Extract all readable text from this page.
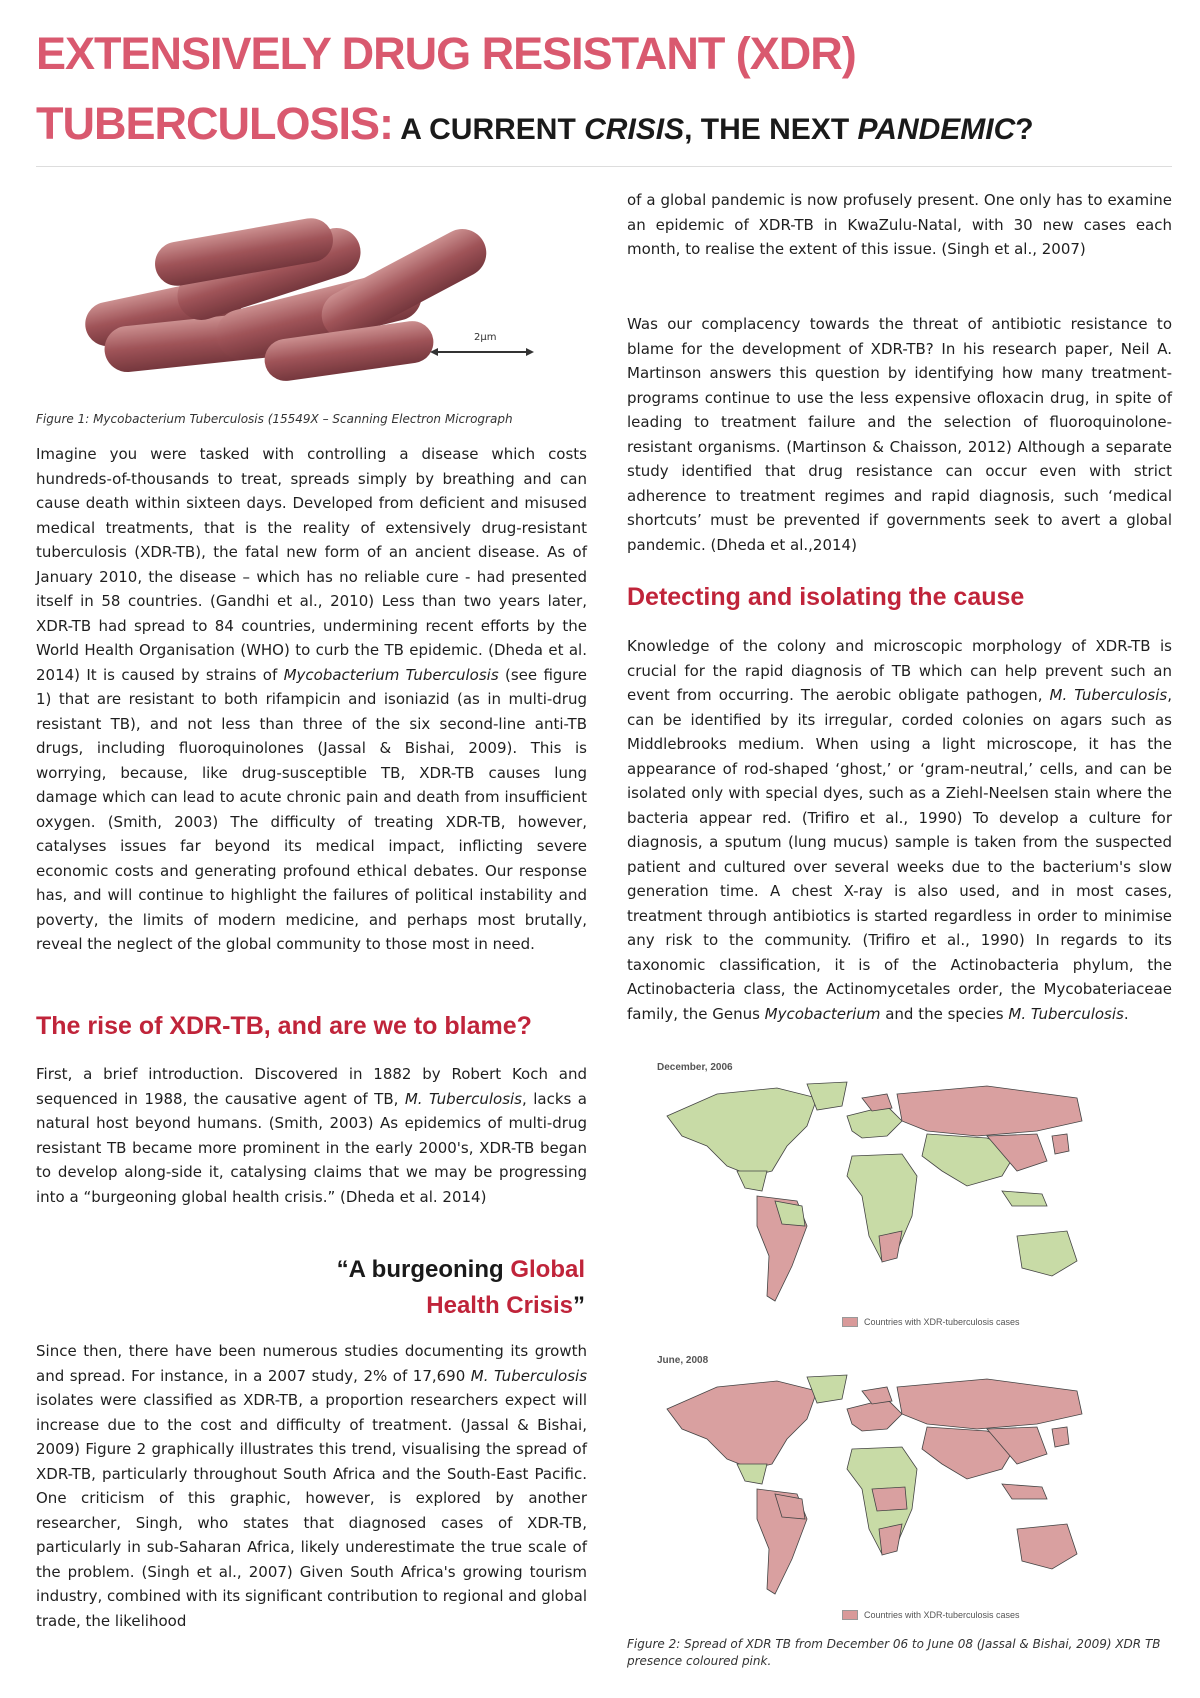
EXTENSIVELY DRUG RESISTANT (XDR)
TUBERCULOSIS: A CURRENT CRISIS, THE NEXT PANDEMIC?
2µm
Figure 1: Mycobacterium Tuberculosis (15549X – Scanning Electron Micrograph

Imagine you were tasked with controlling a disease which costs hundreds-of-thousands to treat, spreads simply by breathing and can cause death within sixteen days. Developed from deficient and misused medical treatments, that is the reality of extensively drug-resistant tuberculosis (XDR-TB), the fatal new form of an ancient disease. As of January 2010, the disease – which has no reliable cure - had presented itself in 58 countries. (Gandhi et al., 2010) Less than two years later, XDR-TB had spread to 84 countries, undermining recent efforts by the World Health Organisation (WHO) to curb the TB epidemic. (Dheda et al. 2014) It is caused by strains of Mycobacterium Tuberculosis (see figure 1) that are resistant to both rifampicin and isoniazid (as in multi-drug resistant TB), and not less than three of the six second-line anti-TB drugs, including fluoroquinolones (Jassal & Bishai, 2009). This is worrying, because, like drug-susceptible TB, XDR-TB causes lung damage which can lead to acute chronic pain and death from insufficient oxygen. (Smith, 2003) The difficulty of treating XDR-TB, however, catalyses issues far beyond its medical impact, inflicting severe economic costs and generating profound ethical debates. Our response has, and will continue to highlight the failures of political instability and poverty, the limits of modern medicine, and perhaps most brutally, reveal the neglect of the global community to those most in need.

The rise of XDR-TB, and are we to blame?

First, a brief introduction. Discovered in 1882 by Robert Koch and sequenced in 1988, the causative agent of TB, M. Tuberculosis, lacks a natural host beyond humans. (Smith, 2003) As epidemics of multi-drug resistant TB became more prominent in the early 2000's, XDR-TB began to develop along-side it, catalysing claims that we may be progressing into a “burgeoning global health crisis.” (Dheda et al. 2014)

“A burgeoning Global
Health Crisis”

Since then, there have been numerous studies documenting its growth and spread. For instance, in a 2007 study, 2% of 17,690 M. Tuberculosis isolates were classified as XDR-TB, a proportion researchers expect will increase due to the cost and difficulty of treatment. (Jassal & Bishai, 2009) Figure 2 graphically illustrates this trend, visualising the spread of XDR-TB, particularly throughout South Africa and the South-East Pacific. One criticism of this graphic, however, is explored by another researcher, Singh, who states that diagnosed cases of XDR-TB, particularly in sub-Saharan Africa, likely underestimate the true scale of the problem. (Singh et al., 2007) Given South Africa's growing tourism industry, combined with its significant contribution to regional and global trade, the likelihood

of a global pandemic is now profusely present. One only has to examine an epidemic of XDR-TB in KwaZulu-Natal, with 30 new cases each month, to realise the extent of this issue. (Singh et al., 2007)

Was our complacency towards the threat of antibiotic resistance to blame for the development of XDR-TB? In his research paper, Neil A. Martinson answers this question by identifying how many treatment-programs continue to use the less expensive ofloxacin drug, in spite of leading to treatment failure and the selection of fluoroquinolone-resistant organisms. (Martinson & Chaisson, 2012) Although a separate study identified that drug resistance can occur even with strict adherence to treatment regimes and rapid diagnosis, such ‘medical shortcuts’ must be prevented if governments seek to avert a global pandemic. (Dheda et al.,2014)

Detecting and isolating the cause

Knowledge of the colony and microscopic morphology of XDR-TB is crucial for the rapid diagnosis of TB which can help prevent such an event from occurring. The aerobic obligate pathogen, M. Tuberculosis, can be identified by its irregular, corded colonies on agars such as Middlebrooks medium. When using a light microscope, it has the appearance of rod-shaped ‘ghost,’ or ‘gram-neutral,’ cells, and can be isolated only with special dyes, such as a Ziehl-Neelsen stain where the bacteria appear red. (Trifiro et al., 1990) To develop a culture for diagnosis, a sputum (lung mucus) sample is taken from the suspected patient and cultured over several weeks due to the bacterium's slow generation time. A chest X-ray is also used, and in most cases, treatment through antibiotics is started regardless in order to minimise any risk to the community. (Trifiro et al., 1990) In regards to its taxonomic classification, it is of the Actinobacteria phylum, the Actinobacteria class, the Actinomycetales order, the Mycobateriaceae family, the Genus Mycobacterium and the species M. Tuberculosis.

December, 2006
Countries with XDR-tuberculosis cases
June, 2008
Countries with XDR-tuberculosis cases
Figure 2: Spread of XDR TB from December 06 to June 08 (Jassal & Bishai, 2009) XDR TB presence coloured pink.
